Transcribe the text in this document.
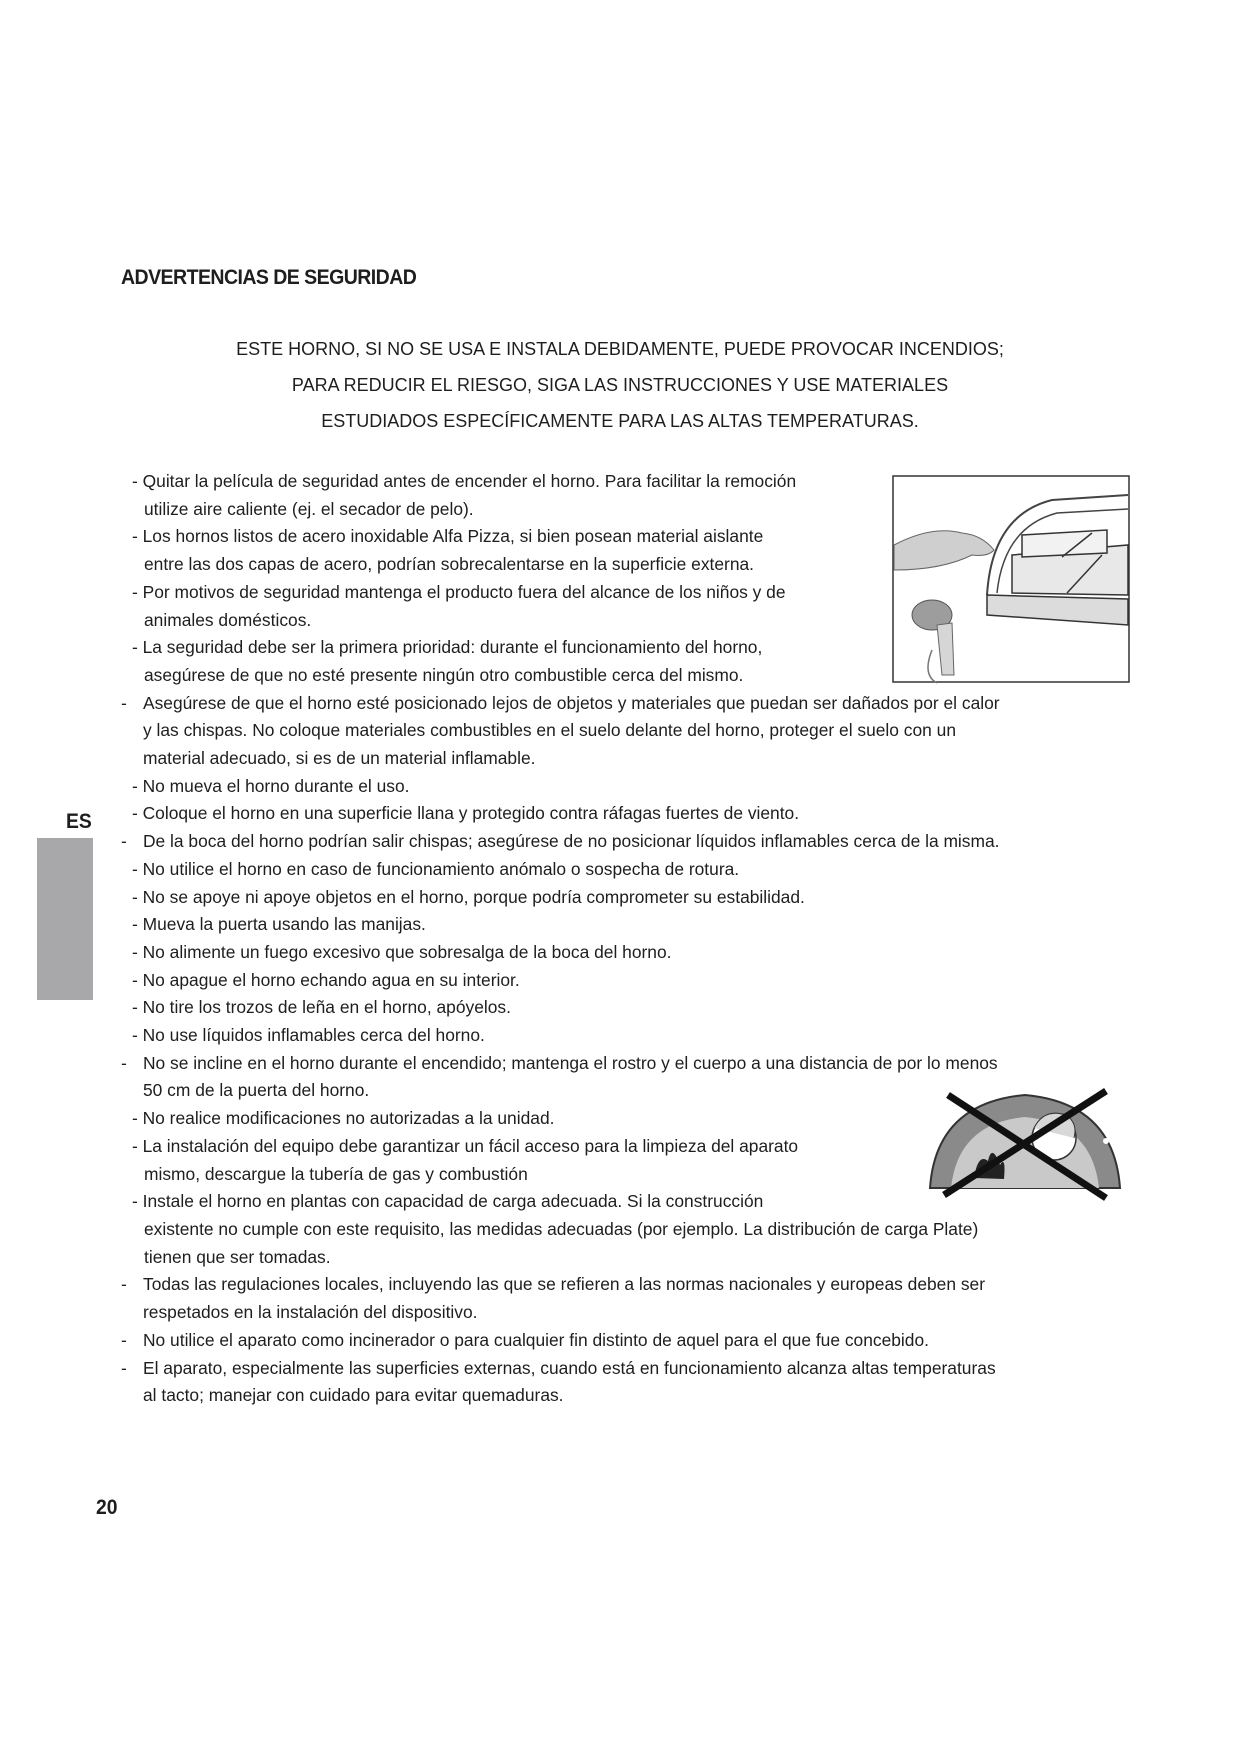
ADVERTENCIAS DE SEGURIDAD
ESTE HORNO, SI NO SE USA E INSTALA DEBIDAMENTE, PUEDE PROVOCAR INCENDIOS;
PARA REDUCIR EL RIESGO, SIGA LAS INSTRUCCIONES Y USE MATERIALES
ESTUDIADOS ESPECÍFICAMENTE PARA LAS ALTAS TEMPERATURAS.
- Quitar la película de seguridad antes de encender el horno. Para facilitar la remoción
utilize aire caliente (ej. el secador de pelo).
- Los hornos listos de acero inoxidable Alfa Pizza, si bien posean material aislante
entre las dos capas de acero, podrían sobrecalentarse en la superficie externa.
- Por motivos de seguridad mantenga el producto fuera del alcance de los niños y de
animales domésticos.
- La seguridad debe ser la primera prioridad: durante el funcionamiento del horno,
asegúrese de que no esté presente ningún otro combustible cerca del mismo.
- Asegúrese de que el horno esté posicionado lejos de objetos y materiales que puedan ser dañados por el calor
y las chispas. No coloque materiales combustibles en el suelo delante del horno, proteger el suelo con un
material adecuado, si es de un material inflamable.
- No mueva el horno durante el uso.
- Coloque el horno en una superficie llana y protegido contra ráfagas fuertes de viento.
- De la boca del horno podrían salir chispas; asegúrese de no posicionar líquidos inflamables cerca de la misma.
- No utilice el horno en caso de funcionamiento anómalo o sospecha de rotura.
- No se apoye ni apoye objetos en el horno, porque podría comprometer su estabilidad.
- Mueva la puerta usando las manijas.
- No alimente un fuego excesivo que sobresalga de la boca del horno.
- No apague el horno echando agua en su interior.
- No tire los trozos de leña en el horno, apóyelos.
- No use líquidos inflamables cerca del horno.
- No se incline en el horno durante el encendido; mantenga el rostro y el cuerpo a una distancia de por lo menos
50 cm de la puerta del horno.
- No realice modificaciones no autorizadas a la unidad.
- La instalación del equipo debe garantizar un fácil acceso para la limpieza del aparato
mismo, descargue la tubería de gas y combustión
- Instale el horno en plantas con capacidad de carga adecuada. Si la construcción
existente no cumple con este requisito, las medidas adecuadas (por ejemplo. La distribución de carga Plate)
tienen que ser tomadas.
- Todas las regulaciones locales, incluyendo las que se refieren a las normas nacionales y europeas deben ser
respetados en la instalación del dispositivo.
- No utilice el aparato como incinerador o para cualquier fin distinto de aquel para el que fue concebido.
- El aparato, especialmente las superficies externas, cuando está en funcionamiento alcanza altas temperaturas
al tacto; manejar con cuidado para evitar quemaduras.
ES
20
